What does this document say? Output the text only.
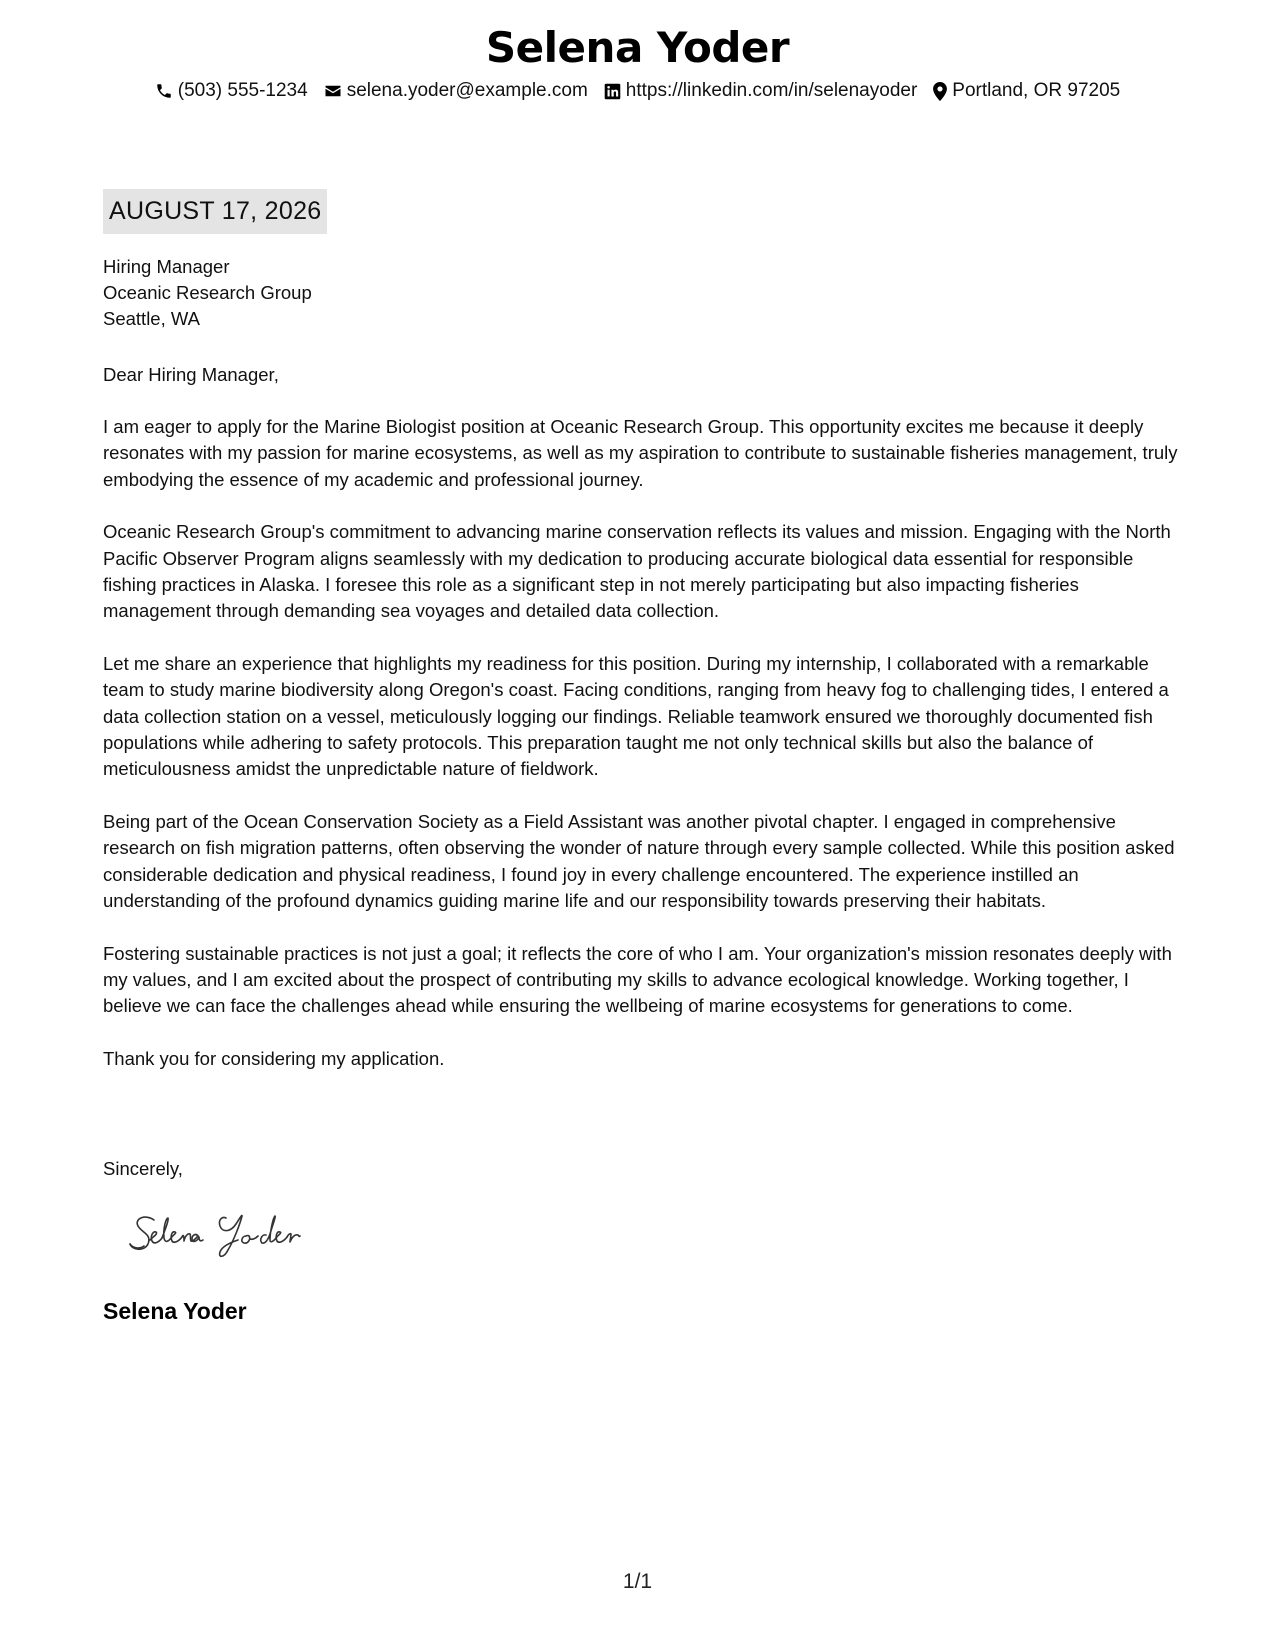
Selena Yoder
(503) 555-1234 selena.yoder@example.com https://linkedin.com/in/selenayoder Portland, OR 97205
AUGUST 17, 2026
Hiring Manager
Oceanic Research Group
Seattle, WA
Dear Hiring Manager,

I am eager to apply for the Marine Biologist position at Oceanic Research Group. This opportunity excites me because it deeply resonates with my passion for marine ecosystems, as well as my aspiration to contribute to sustainable fisheries management, truly embodying the essence of my academic and professional journey.

Oceanic Research Group's commitment to advancing marine conservation reflects its values and mission. Engaging with the North Pacific Observer Program aligns seamlessly with my dedication to producing accurate biological data essential for responsible fishing practices in Alaska. I foresee this role as a significant step in not merely participating but also impacting fisheries management through demanding sea voyages and detailed data collection.

Let me share an experience that highlights my readiness for this position. During my internship, I collaborated with a remarkable team to study marine biodiversity along Oregon's coast. Facing conditions, ranging from heavy fog to challenging tides, I entered a data collection station on a vessel, meticulously logging our findings. Reliable teamwork ensured we thoroughly documented fish populations while adhering to safety protocols. This preparation taught me not only technical skills but also the balance of meticulousness amidst the unpredictable nature of fieldwork.

Being part of the Ocean Conservation Society as a Field Assistant was another pivotal chapter. I engaged in comprehensive research on fish migration patterns, often observing the wonder of nature through every sample collected. While this position asked considerable dedication and physical readiness, I found joy in every challenge encountered. The experience instilled an understanding of the profound dynamics guiding marine life and our responsibility towards preserving their habitats.

Fostering sustainable practices is not just a goal; it reflects the core of who I am. Your organization's mission resonates deeply with my values, and I am excited about the prospect of contributing my skills to advance ecological knowledge. Working together, I believe we can face the challenges ahead while ensuring the wellbeing of marine ecosystems for generations to come.

Thank you for considering my application.

Sincerely,
Selena Yoder
1/1
